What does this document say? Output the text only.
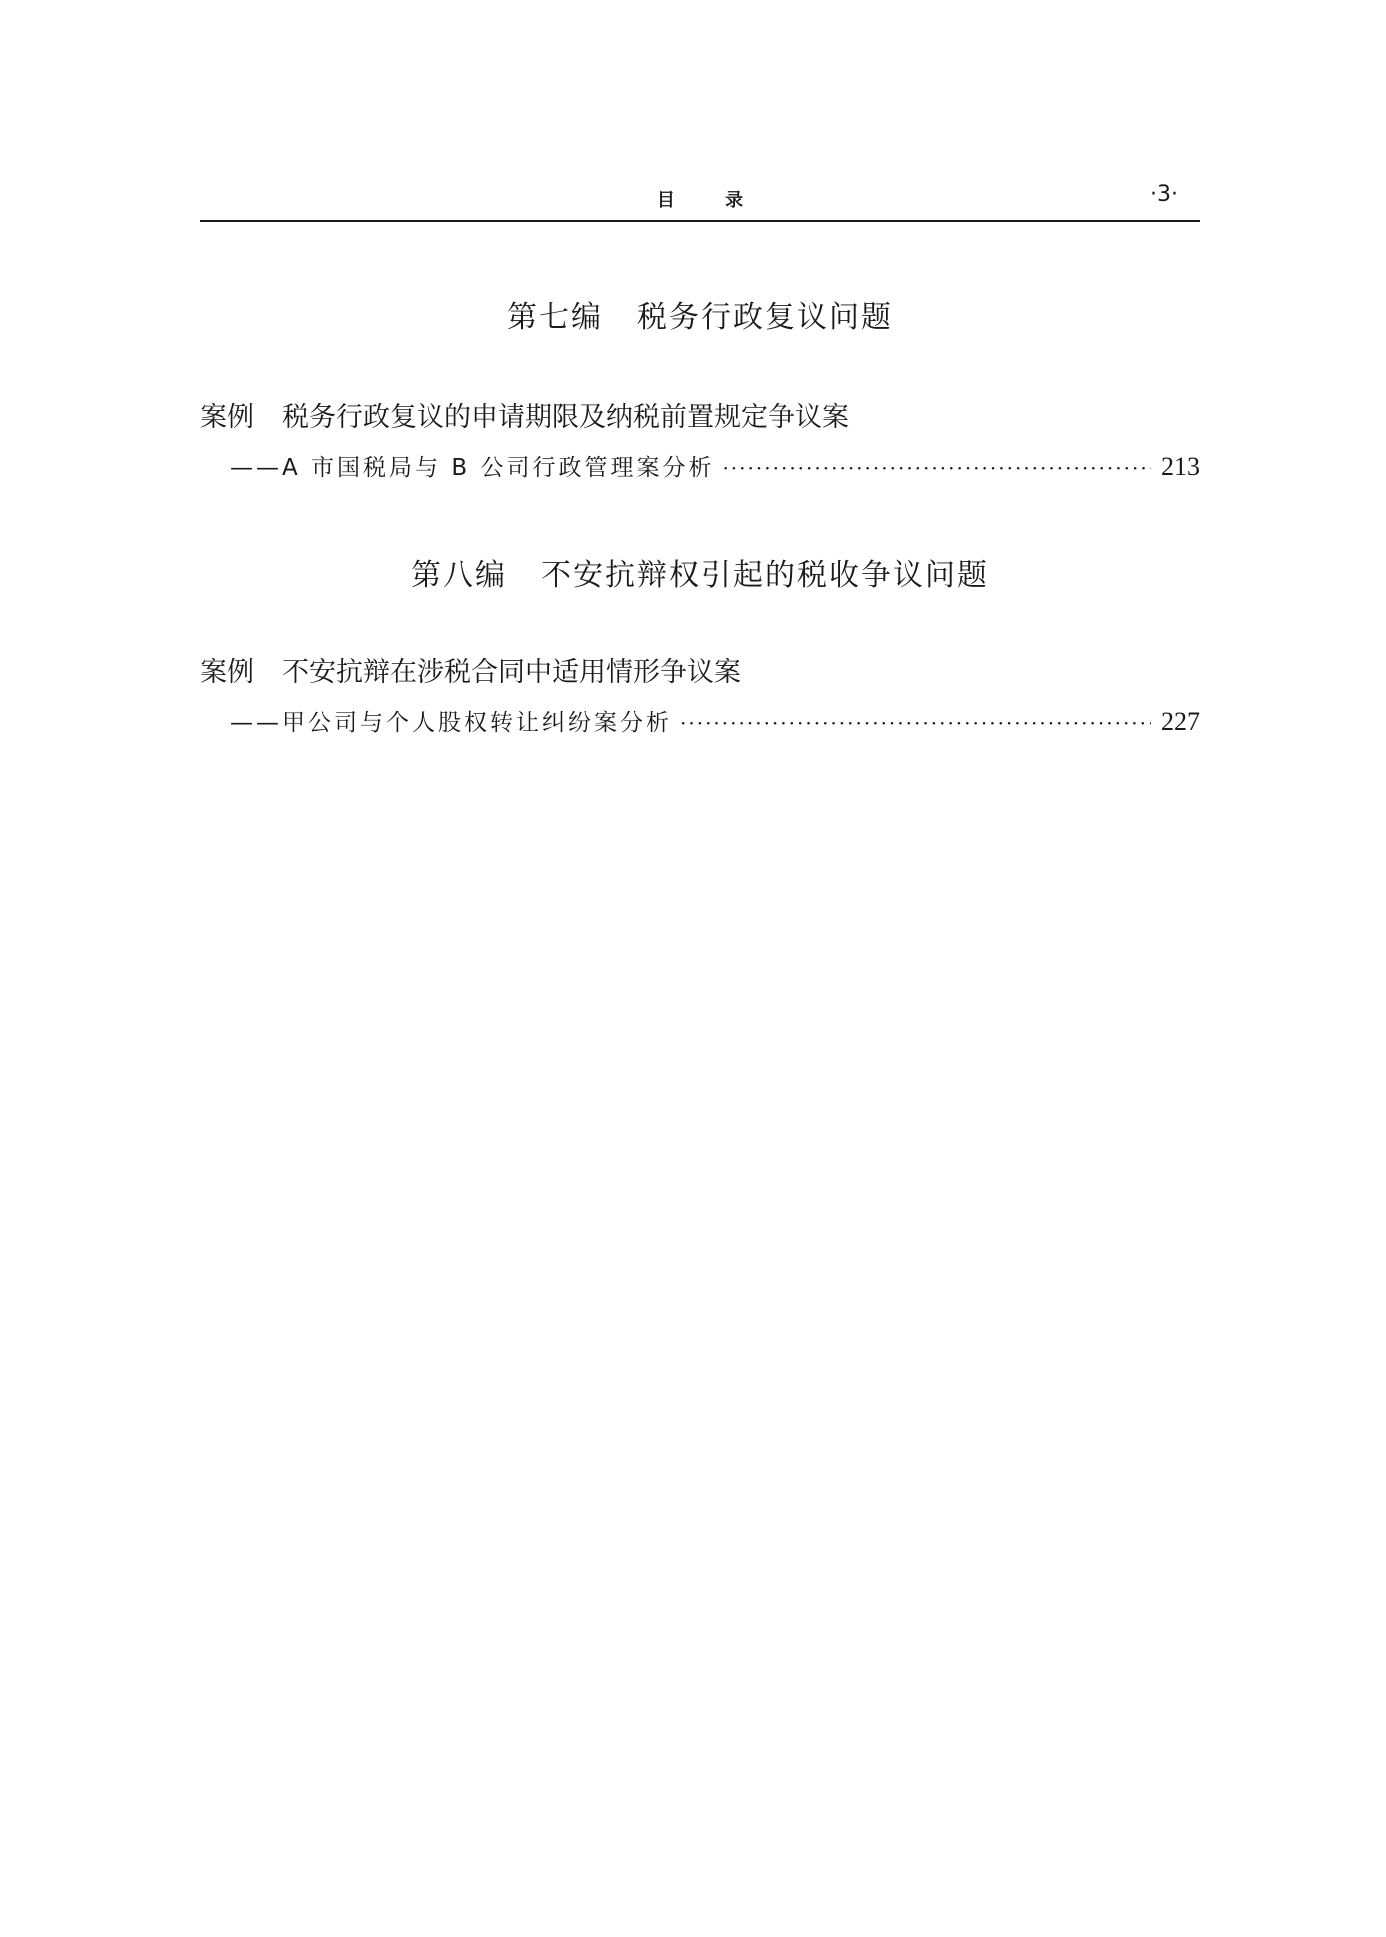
目 录	·3·
第七编 税务行政复议问题
案例 税务行政复议的申请期限及纳税前置规定争议案
——A 市国税局与 B 公司行政管理案分析 ·····	213
第八编 不安抗辩权引起的税收争议问题
案例 不安抗辩在涉税合同中适用情形争议案
——甲公司与个人股权转让纠纷案分析 ·····	227
